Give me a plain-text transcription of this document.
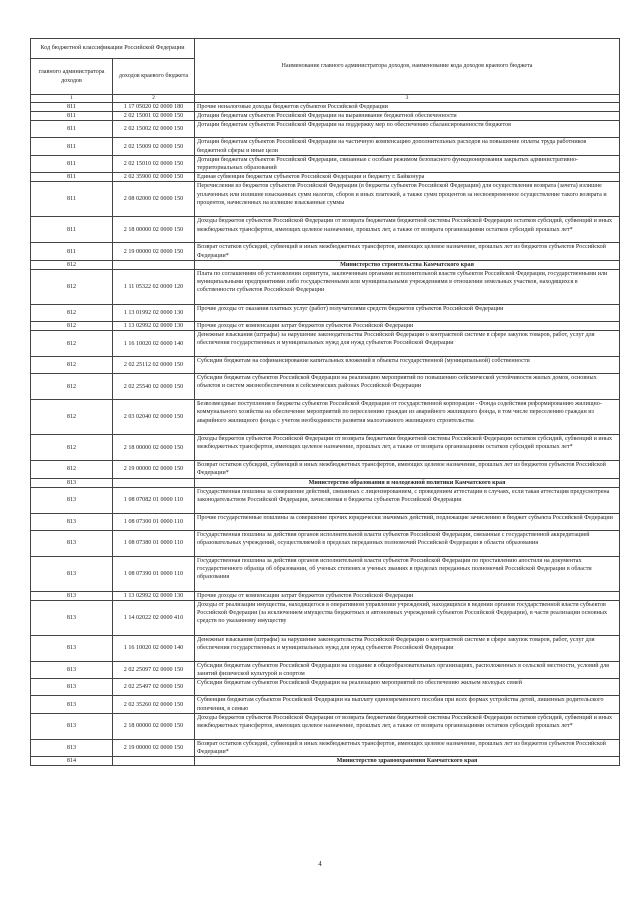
Код бюджетной классификации Российской Федерации		Наименование главного администратора доходов, наименование кода доходов краевого бюджета
главного администратора доходов	доходов краевого бюджета	
1	2	3
811	1 17 05020 02 0000 180	Прочие неналоговые доходы бюджетов субъектов Российской Федерации
811	2 02 15001 02 0000 150	Дотации бюджетам субъектов Российской Федерации на выравнивание бюджетной обеспеченности
811	2 02 15002 02 0000 150	Дотации бюджетам субъектов Российской Федерации на поддержку мер по обеспечению сбалансированности бюджетов
811	2 02 15009 02 0000 150	Дотации бюджетам субъектов Российской Федерации на частичную компенсацию дополнительных расходов на повышение оплаты труда работников бюджетной сферы и иные цели
811	2 02 15010 02 0000 150	Дотации бюджетам субъектов Российской Федерации, связанные с особым режимом безопасного функционирования закрытых административно-территориальных образований
811	2 02 35900 02 0000 150	Единая субвенция бюджетам субъектов Российской Федерации и бюджету г. Байконура
811	2 08 02000 02 0000 150	Перечисления из бюджетов субъектов Российской Федерации (в бюджеты субъектов Российской Федерации) для осуществления возврата (зачета) излишне уплаченных или излишне взысканных сумм налогов, сборов и иных платежей, а также сумм процентов за несвоевременное осуществление такого возврата и процентов, начисленных на излишне взысканные суммы
811	2 18 00000 02 0000 150	Доходы бюджетов субъектов Российской Федерации от возврата бюджетами бюджетной системы Российской Федерации остатков субсидий, субвенций и иных межбюджетных трансфертов, имеющих целевое назначение, прошлых лет, а также от возврата организациями остатков субсидий прошлых лет*
811	2 19 00000 02 0000 150	Возврат остатков субсидий, субвенций и иных межбюджетных трансфертов, имеющих целевое назначение, прошлых лет из бюджетов субъектов Российской Федерации*
812		Министерство строительства Камчатского края
812	1 11 05322 02 0000 120	Плата по соглашениям об установлении сервитута, заключенным органами исполнительной власти субъектов Российской Федерации, государственными или муниципальными предприятиями либо государственными или муниципальными учреждениями в отношении земельных участков, находящихся в собственности субъектов Российской Федерации
812	1 13 01992 02 0000 130	Прочие доходы от оказания платных услуг (работ) получателями средств бюджетов субъектов Российской Федерации
812	1 13 02992 02 0000 130	Прочие доходы от компенсации затрат бюджетов субъектов Российской Федерации
812	1 16 10020 02 0000 140	Денежные взыскания (штрафы) за нарушение законодательства Российской Федерации о контрактной системе в сфере закупок товаров, работ, услуг для обеспечения государственных и муниципальных нужд для нужд субъектов Российской Федерации
812	2 02 25112 02 0000 150	Субсидии бюджетам на софинансирование капитальных вложений в объекты государственной (муниципальной) собственности
812	2 02 25540 02 0000 150	Субсидии бюджетам субъектов Российской Федерации на реализацию мероприятий по повышению сейсмической устойчивости жилых домов, основных объектов и систем жизнеобеспечения в сейсмических районах Российской Федерации
812	2 03 02040 02 0000 150	Безвозмездные поступления в бюджеты субъектов Российской Федерации от государственной корпорации - Фонда содействия реформированию жилищно-коммунального хозяйства на обеспечение мероприятий по переселению граждан из аварийного жилищного фонда, в том числе переселению граждан из аварийного жилищного фонда с учетом необходимости развития малоэтажного жилищного строительства
812	2 18 00000 02 0000 150	Доходы бюджетов субъектов Российской Федерации от возврата бюджетами бюджетной системы Российской Федерации остатков субсидий, субвенций и иных межбюджетных трансфертов, имеющих целевое назначение, прошлых лет, а также от возврата организациями остатков субсидий прошлых лет*
812	2 19 00000 02 0000 150	Возврат остатков субсидий, субвенций и иных межбюджетных трансфертов, имеющих целевое назначение, прошлых лет из бюджетов субъектов Российской Федерации*
813		Министерство образования и молодежной политики Камчатского края
813	1 08 07082 01 0000 110	Государственная пошлина за совершение действий, связанных с лицензированием, с проведением аттестации в случаях, если такая аттестация предусмотрена законодательством Российской Федерации, зачисляемая в бюджеты субъектов Российской Федерации
813	1 08 07300 01 0000 110	Прочие государственные пошлины за совершение прочих юридически значимых действий, подлежащие зачислению в бюджет субъекта Российской Федерации
813	1 08 07380 01 0000 110	Государственная пошлина за действия органов исполнительной власти субъектов Российской Федерации, связанные с государственной аккредитацией образовательных учреждений, осуществляемой в пределах переданных полномочий Российской Федерации в области образования
813	1 08 07390 01 0000 110	Государственная пошлина за действия органов исполнительной власти субъектов Российской Федерации по проставлению апостиля на документах государственного образца об образовании, об ученых степенях и ученых званиях в пределах переданных полномочий Российской Федерации в области образования
813	1 13 02992 02 0000 130	Прочие доходы от компенсации затрат бюджетов субъектов Российской Федерации
813	1 14 02022 02 0000 410	Доходы от реализации имущества, находящегося в оперативном управлении учреждений, находящихся в ведении органов государственной власти субъектов Российской Федерации (за исключением имущества бюджетных и автономных учреждений субъектов Российской Федерации), в части реализации основных средств по указанному имуществу
813	1 16 10020 02 0000 140	Денежные взыскания (штрафы) за нарушение законодательства Российской Федерации о контрактной системе в сфере закупок товаров, работ, услуг для обеспечения государственных и муниципальных нужд для нужд субъектов Российской Федерации
813	2 02 25097 02 0000 150	Субсидии бюджетам субъектов Российской Федерации на создание в общеобразовательных организациях, расположенных в сельской местности, условий для занятий физической культурой и спортом
813	2 02 25497 02 0000 150	Субсидии бюджетам субъектов Российской Федерации на реализацию мероприятий по обеспечению жильем молодых семей
813	2 02 35260 02 0000 150	Субвенции бюджетам субъектов Российской Федерации на выплату единовременного пособия при всех формах устройства детей, лишенных родительского попечения, в семью
813	2 18 00000 02 0000 150	Доходы бюджетов субъектов Российской Федерации от возврата бюджетами бюджетной системы Российской Федерации остатков субсидий, субвенций и иных межбюджетных трансфертов, имеющих целевое назначение, прошлых лет, а также от возврата организациями остатков субсидий прошлых лет*
813	2 19 00000 02 0000 150	Возврат остатков субсидий, субвенций и иных межбюджетных трансфертов, имеющих целевое назначение, прошлых лет из бюджетов субъектов Российской Федерации*
814		Министерство здравоохранения Камчатского края
4
